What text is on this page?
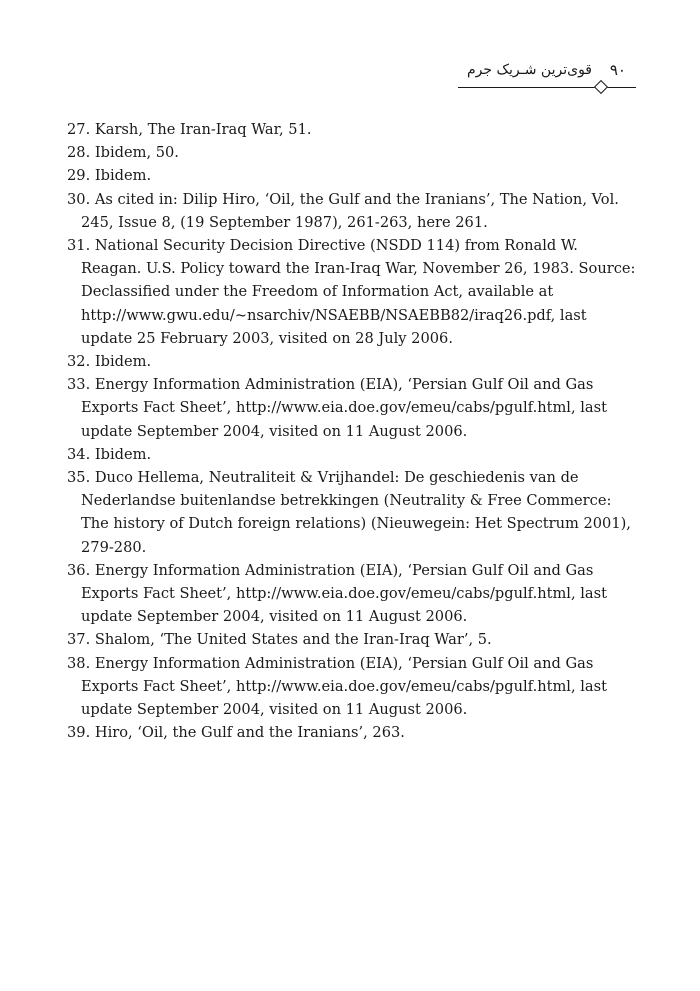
قوی‌ترین شـریک جرم ۹۰
27. Karsh, The Iran-Iraq War, 51.
28. Ibidem, 50.
29. Ibidem.
30. As cited in: Dilip Hiro, ‘Oil, the Gulf and the Iranians’, The Nation, Vol. 245, Issue 8, (19 September 1987), 261-263, here 261.
31. National Security Decision Directive (NSDD 114) from Ronald W. Reagan. U.S. Policy toward the Iran-Iraq War, November 26, 1983. Source: Declassified under the Freedom of Information Act, available at http://www.gwu.edu/~nsarchiv/NSAEBB/NSAEBB82/iraq26.pdf, last update 25 February 2003, visited on 28 July 2006.
32. Ibidem.
33. Energy Information Administration (EIA), ‘Persian Gulf Oil and Gas Exports Fact Sheet’, http://www.eia.doe.gov/emeu/cabs/pgulf.html, last update September 2004, visited on 11 August 2006.
34. Ibidem.
35. Duco Hellema, Neutraliteit & Vrijhandel: De geschiedenis van de Nederlandse buitenlandse betrekkingen (Neutrality & Free Commerce: The history of Dutch foreign relations) (Nieuwegein: Het Spectrum 2001), 279-280.
36. Energy Information Administration (EIA), ‘Persian Gulf Oil and Gas Exports Fact Sheet’, http://www.eia.doe.gov/emeu/cabs/pgulf.html, last update September 2004, visited on 11 August 2006.
37. Shalom, ‘The United States and the Iran-Iraq War’, 5.
38. Energy Information Administration (EIA), ‘Persian Gulf Oil and Gas Exports Fact Sheet’, http://www.eia.doe.gov/emeu/cabs/pgulf.html, last update September 2004, visited on 11 August 2006.
39. Hiro, ‘Oil, the Gulf and the Iranians’, 263.
